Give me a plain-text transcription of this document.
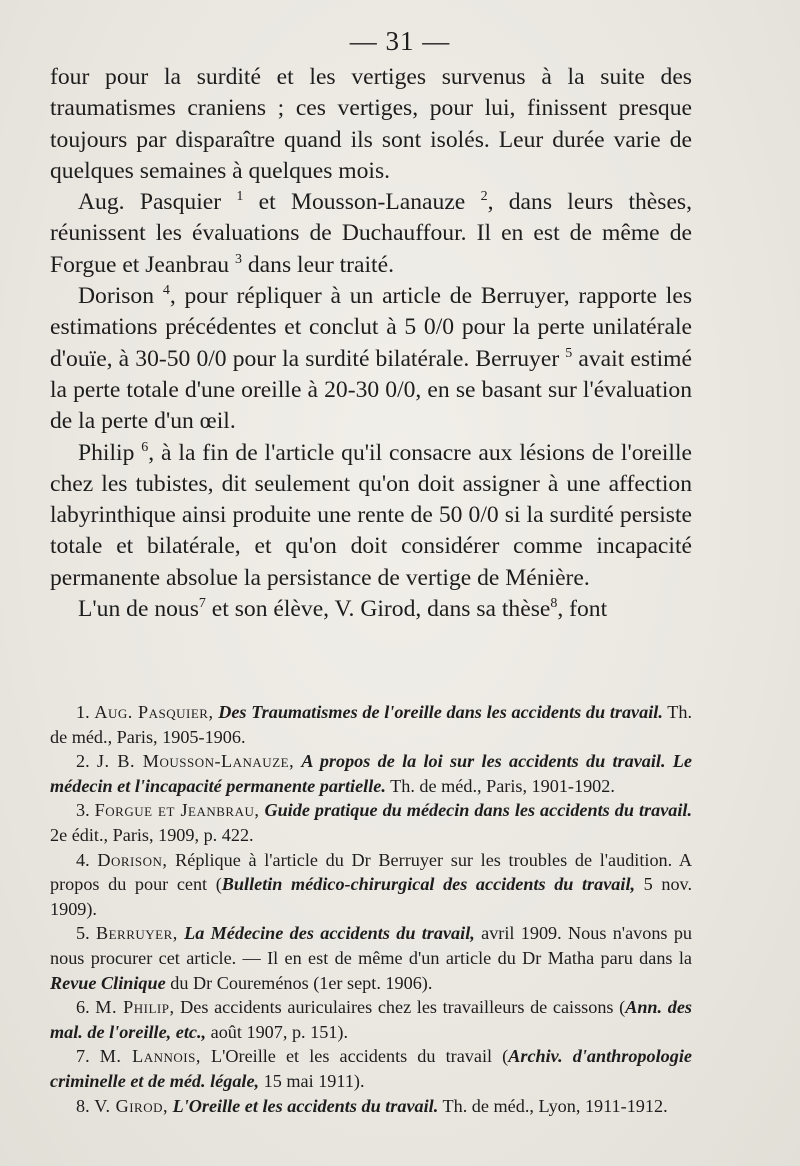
— 31 —

four pour la surdité et les vertiges survenus à la suite des traumatismes craniens ; ces vertiges, pour lui, finissent presque toujours par disparaître quand ils sont isolés. Leur durée varie de quelques semaines à quelques mois.

Aug. Pasquier $^1$ et Mousson-Lanauze $^2$, dans leurs thèses, réunissent les évaluations de Duchauffour. Il en est de même de Forgue et Jeanbrau $^3$ dans leur traité.

Dorison $^4$, pour répliquer à un article de Berruyer, rapporte les estimations précédentes et conclut à 5 0/0 pour la perte unilatérale d'ouïe, à 30-50 0/0 pour la surdité bilatérale. Berruyer $^5$ avait estimé la perte totale d'une oreille à 20-30 0/0, en se basant sur l'évaluation de la perte d'un œil.

Philip $^6$, à la fin de l'article qu'il consacre aux lésions de l'oreille chez les tubistes, dit seulement qu'on doit assigner à une affection labyrinthique ainsi produite une rente de 50 0/0 si la surdité persiste totale et bilatérale, et qu'on doit considérer comme incapacité permanente absolue la persistance de vertige de Ménière.

L'un de nous$^7$ et son élève, V. Girod, dans sa thèse$^8$, font

1. Aug. Pasquier, Des Traumatismes de l'oreille dans les accidents du travail. Th. de méd., Paris, 1905-1906.

2. J. B. Mousson-Lanauze, A propos de la loi sur les accidents du travail. Le médecin et l'incapacité permanente partielle. Th. de méd., Paris, 1901-1902.

3. Forgue et Jeanbrau, Guide pratique du médecin dans les accidents du travail. 2e édit., Paris, 1909, p. 422.

4. Dorison, Réplique à l'article du Dr Berruyer sur les troubles de l'audition. A propos du pour cent (Bulletin médico-chirurgical des accidents du travail, 5 nov. 1909).

5. Berruyer, La Médecine des accidents du travail, avril 1909. Nous n'avons pu nous procurer cet article. — Il en est de même d'un article du Dr Matha paru dans la Revue Clinique du Dr Coureménos (1er sept. 1906).

6. M. Philip, Des accidents auriculaires chez les travailleurs de caissons (Ann. des mal. de l'oreille, etc., août 1907, p. 151).

7. M. Lannois, L'Oreille et les accidents du travail (Archiv. d'anthropologie criminelle et de méd. légale, 15 mai 1911).

8. V. Girod, L'Oreille et les accidents du travail. Th. de méd., Lyon, 1911-1912.
